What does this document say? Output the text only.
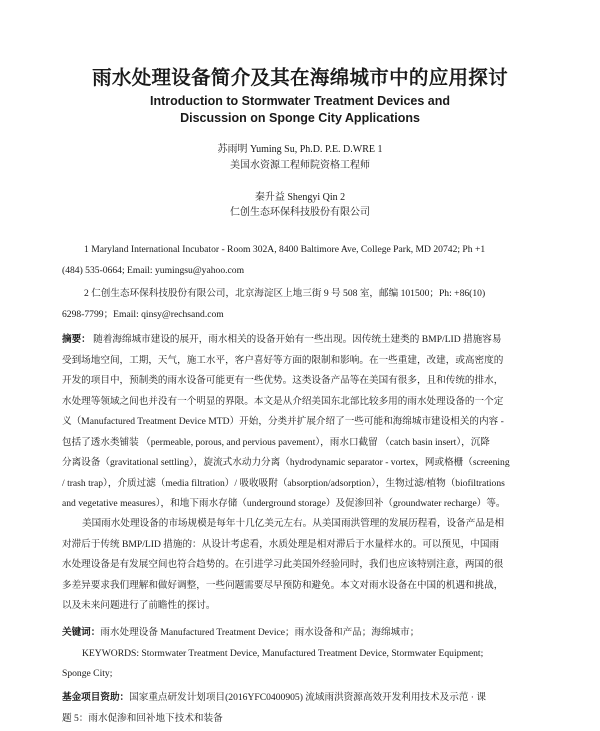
雨水处理设备简介及其在海绵城市中的应用探讨
Introduction to Stormwater Treatment Devices and
Discussion on Sponge City Applications
苏雨明 Yuming Su, Ph.D. P.E. D.WRE 1
美国水资源工程师院资格工程师
秦升益 Shengyi Qin 2
仁创生态环保科技股份有限公司
1 Maryland International Incubator - Room 302A, 8400 Baltimore Ave, College Park, MD 20742; Ph +1
(484) 535-0664; Email: yumingsu@yahoo.com
2 仁创生态环保科技股份有限公司，北京海淀区上地三街 9 号 508 室，邮编 101500；Ph: +86(10)
6298-7799；Email: qinsy@rechsand.com
摘要： 随着海绵城市建设的展开，雨水相关的设备开始有一些出现。因传统土建类的 BMP/LID 措施容易
受到场地空间，工期，天气，施工水平，客户喜好等方面的限制和影响。在一些重建，改建，或高密度的
开发的项目中，预制类的雨水设备可能更有一些优势。这类设备产品等在美国有很多，且和传统的排水，
水处理等领域之间也并没有一个明显的界限。本文是从介绍美国东北部比较多用的雨水处理设备的一个定
义（Manufactured Treatment Device MTD）开始，分类并扩展介绍了一些可能和海绵城市建设相关的内容 -
包括了透水类铺装 （permeable, porous, and pervious pavement），雨水口截留 （catch basin insert），沉降
分离设备（gravitational settling），旋流式水动力分离（hydrodynamic separator - vortex，网或格栅（screening
/ trash trap），介质过滤（media filtration）/ 吸收吸附（absorption/adsorption），生物过滤/植物（biofiltrations
and vegetative measures），和地下雨水存储（underground storage）及促渗回补（groundwater recharge）等。
美国雨水处理设备的市场规模是每年十几亿美元左右。从美国雨洪管理的发展历程看，设备产品是相
对滞后于传统 BMP/LID 措施的：从设计考虑看，水质处理是相对滞后于水量样水的。可以预见，中国雨
水处理设备是有发展空间也符合趋势的。在引进学习此美国外经验同时，我们也应该特别注意，两国的很
多差异要求我们理解和做好调整，一些问题需要尽早预防和避免。本文对雨水设备在中国的机遇和挑战，
以及未来问题进行了前瞻性的探讨。
关键词：雨水处理设备 Manufactured Treatment Device；雨水设备和产品；海绵城市；
KEYWORDS: Stormwater Treatment Device, Manufactured Treatment Device, Stormwater Equipment;
Sponge City;
基金项目资助：国家重点研发计划项目(2016YFC0400905) 流域雨洪资源高效开发利用技术及示范 · 课
题 5：雨水促渗和回补地下技术和装备
